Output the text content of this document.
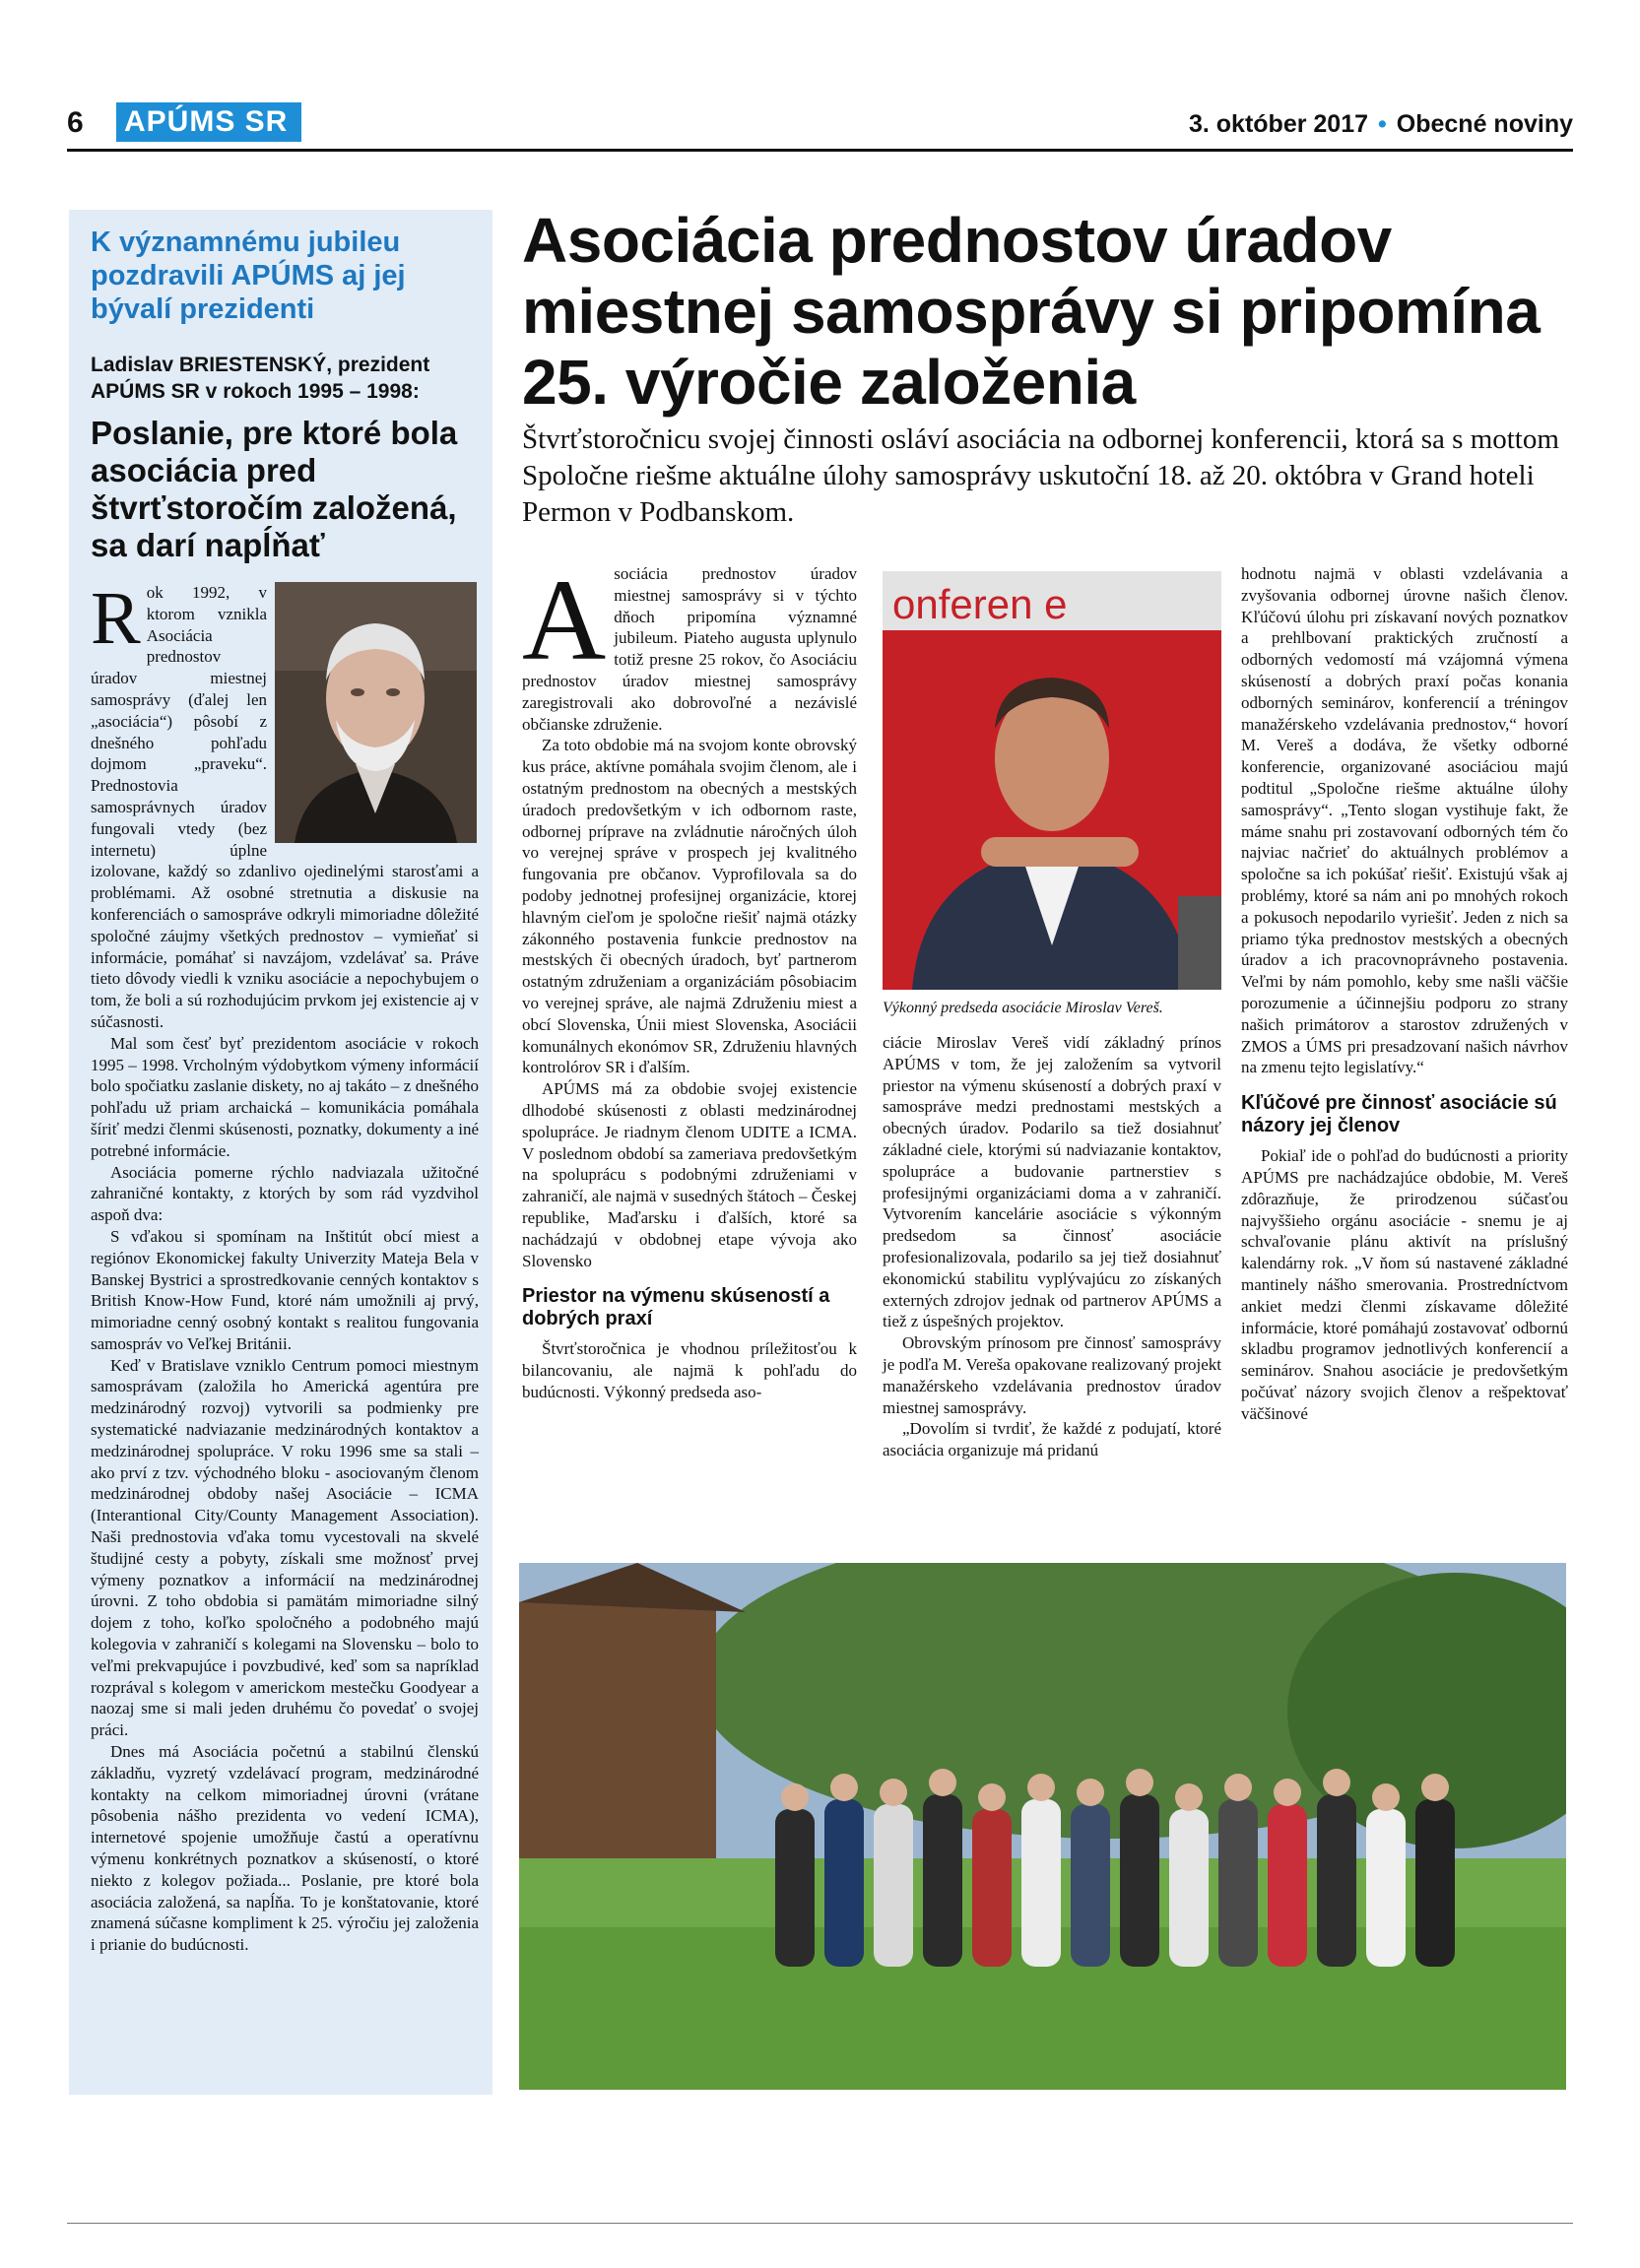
6 APÚMS SR	3. október 2017 • Obecné noviny
K významnému jubileu pozdravili APÚMS aj jej bývalí prezidenti
Ladislav BRIESTENSKÝ, prezident APÚMS SR v rokoch 1995 – 1998:
Poslanie, pre ktoré bola asociácia pred štvrťstoročím založená, sa darí napĺňať

Rok 1992, v ktorom vznikla Asociácia prednostov úradov miestnej samosprávy (ďalej len „asociácia“) pôsobí z dnešného pohľadu dojmom „praveku“. Prednostovia samosprávnych úradov fungovali vtedy (bez internetu) úplne izolovane, každý so zdanlivo ojedinelými starosťami a problémami. Až osobné stretnutia a diskusie na konferenciách o samospráve odkryli mimoriadne dôležité spoločné záujmy všetkých prednostov – vymieňať si informácie, pomáhať si navzájom, vzdelávať sa. Práve tieto dôvody viedli k vzniku asociácie a nepochybujem o tom, že boli a sú rozhodujúcim prvkom jej existencie aj v súčasnosti.

Mal som česť byť prezidentom asociácie v rokoch 1995 – 1998. Vrcholným výdobytkom výmeny informácií bolo spočiatku zaslanie diskety, no aj takáto – z dnešného pohľadu už priam archaická – komunikácia pomáhala šíriť medzi členmi skúsenosti, poznatky, dokumenty a iné potrebné informácie.

Asociácia pomerne rýchlo nadviazala užitočné zahraničné kontakty, z ktorých by som rád vyzdvihol aspoň dva:

S vďakou si spomínam na Inštitút obcí miest a regiónov Ekonomickej fakulty Univerzity Mateja Bela v Banskej Bystrici a sprostredkovanie cenných kontaktov s British Know-How Fund, ktoré nám umožnili aj prvý, mimoriadne cenný osobný kontakt s realitou fungovania samospráv vo Veľkej Británii.

Keď v Bratislave vzniklo Centrum pomoci miestnym samosprávam (založila ho Americká agentúra pre medzinárodný rozvoj) vytvorili sa podmienky pre systematické nadviazanie medzinárodných kontaktov a medzinárodnej spolupráce. V roku 1996 sme sa stali – ako prví z tzv. východného bloku - asociovaným členom medzinárodnej obdoby našej Asociácie – ICMA (Interantional City/County Management Association). Naši prednostovia vďaka tomu vycestovali na skvelé študijné cesty a pobyty, získali sme možnosť prvej výmeny poznatkov a informácií na medzinárodnej úrovni. Z toho obdobia si pamätám mimoriadne silný dojem z toho, koľko spoločného a podobného majú kolegovia v zahraničí s kolegami na Slovensku – bolo to veľmi prekvapujúce i povzbudivé, keď som sa napríklad rozprával s kolegom v americkom mestečku Goodyear a naozaj sme si mali jeden druhému čo povedať o svojej práci.

Dnes má Asociácia početnú a stabilnú členskú základňu, vyzretý vzdelávací program, medzinárodné kontakty na celkom mimoriadnej úrovni (vrátane pôsobenia nášho prezidenta vo vedení ICMA), internetové spojenie umožňuje častú a operatívnu výmenu konkrétnych poznatkov a skúseností, o ktoré niekto z kolegov požiada... Poslanie, pre ktoré bola asociácia založená, sa napĺňa. To je konštatovanie, ktoré znamená súčasne kompliment k 25. výročiu jej založenia i prianie do budúcnosti.

Asociácia prednostov úradov miestnej samosprávy si pripomína 25. výročie založenia
Štvrťstoročnicu svojej činnosti osláví asociácia na odbornej konferencii, ktorá sa s mottom Spoločne riešme aktuálne úlohy samosprávy uskutoční 18. až 20. októbra v Grand hoteli Permon v Podbanskom.

Asociácia prednostov úradov miestnej samosprávy si v týchto dňoch pripomína významné jubileum. Piateho augusta uplynulo totiž presne 25 rokov, čo Asociáciu prednostov úradov miestnej samosprávy zaregistrovali ako dobrovoľné a nezávislé občianske združenie.

Za toto obdobie má na svojom konte obrovský kus práce, aktívne pomáhala svojim členom, ale i ostatným prednostom na obecných a mestských úradoch predovšetkým v ich odbornom raste, odbornej príprave na zvládnutie náročných úloh vo verejnej správe v prospech jej kvalitného fungovania pre občanov. Vyprofilovala sa do podoby jednotnej profesijnej organizácie, ktorej hlavným cieľom je spoločne riešiť najmä otázky zákonného postavenia funkcie prednostov na mestských či obecných úradoch, byť partnerom ostatným združeniam a organizáciám pôsobiacim vo verejnej správe, ale najmä Združeniu miest a obcí Slovenska, Únii miest Slovenska, Asociácii komunálnych ekonómov SR, Združeniu hlavných kontrolórov SR i ďalším.

APÚMS má za obdobie svojej existencie dlhodobé skúsenosti z oblasti medzinárodnej spolupráce. Je riadnym členom UDITE a ICMA. V poslednom období sa zameriava predovšetkým na spoluprácu s podobnými združeniami v zahraničí, ale najmä v susedných štátoch – Českej republike, Maďarsku i ďalších, ktoré sa nachádzajú v obdobnej etape vývoja ako Slovensko

Priestor na výmenu skúseností a dobrých praxí

Štvrťstoročnica je vhodnou príležitosťou k bilancovaniu, ale najmä k pohľadu do budúcnosti. Výkonný predseda aso-

onferen e
Výkonný predseda asociácie Miroslav Vereš.

ciácie Miroslav Vereš vidí základný prínos APÚMS v tom, že jej založením sa vytvoril priestor na výmenu skúseností a dobrých praxí v samospráve medzi prednostami mestských a obecných úradov. Podarilo sa tiež dosiahnuť základné ciele, ktorými sú nadviazanie kontaktov, spolupráce a budovanie partnerstiev s profesijnými organizáciami doma a v zahraničí. Vytvorením kancelárie asociácie s výkonným predsedom sa činnosť asociácie profesionalizovala, podarilo sa jej tiež dosiahnuť ekonomickú stabilitu vyplývajúcu zo získaných externých zdrojov jednak od partnerov APÚMS a tiež z úspešných projektov.

Obrovským prínosom pre činnosť samosprávy je podľa M. Vereša opakovane realizovaný projekt manažérskeho vzdelávania prednostov úradov miestnej samosprávy.

„Dovolím si tvrdiť, že každé z podujatí, ktoré asociácia organizuje má pridanú

hodnotu najmä v oblasti vzdelávania a zvyšovania odbornej úrovne našich členov. Kľúčovú úlohu pri získavaní nových poznatkov a prehlbovaní praktických zručností a odborných vedomostí má vzájomná výmena skúseností a dobrých praxí počas konania odborných seminárov, konferencií a tréningov manažérskeho vzdelávania prednostov,“ hovorí M. Vereš a dodáva, že všetky odborné konferencie, organizované asociáciou majú podtitul „Spoločne riešme aktuálne úlohy samosprávy“. „Tento slogan vystihuje fakt, že máme snahu pri zostavovaní odborných tém čo najviac načrieť do aktuálnych problémov a spoločne sa ich pokúšať riešiť. Existujú však aj problémy, ktoré sa nám ani po mnohých rokoch a pokusoch nepodarilo vyriešiť. Jeden z nich sa priamo týka prednostov mestských a obecných úradov a ich pracovnoprávneho postavenia. Veľmi by nám pomohlo, keby sme našli väčšie porozumenie a účinnejšiu podporu zo strany našich primátorov a starostov združených v ZMOS a ÚMS pri presadzovaní našich návrhov na zmenu tejto legislatívy.“

Kľúčové pre činnosť asociácie sú názory jej členov

Pokiaľ ide o pohľad do budúcnosti a priority APÚMS pre nachádzajúce obdobie, M. Vereš zdôrazňuje, že prirodzenou súčasťou najvyššieho orgánu asociácie - snemu je aj schvaľovanie plánu aktivít na príslušný kalendárny rok. „V ňom sú nastavené základné mantinely nášho smerovania. Prostredníctvom ankiet medzi členmi získavame dôležité informácie, ktoré pomáhajú zostavovať odbornú skladbu programov jednotlivých konferencií a seminárov. Snahou asociácie je predovšetkým počúvať názory svojich členov a rešpektovať väčšinové
